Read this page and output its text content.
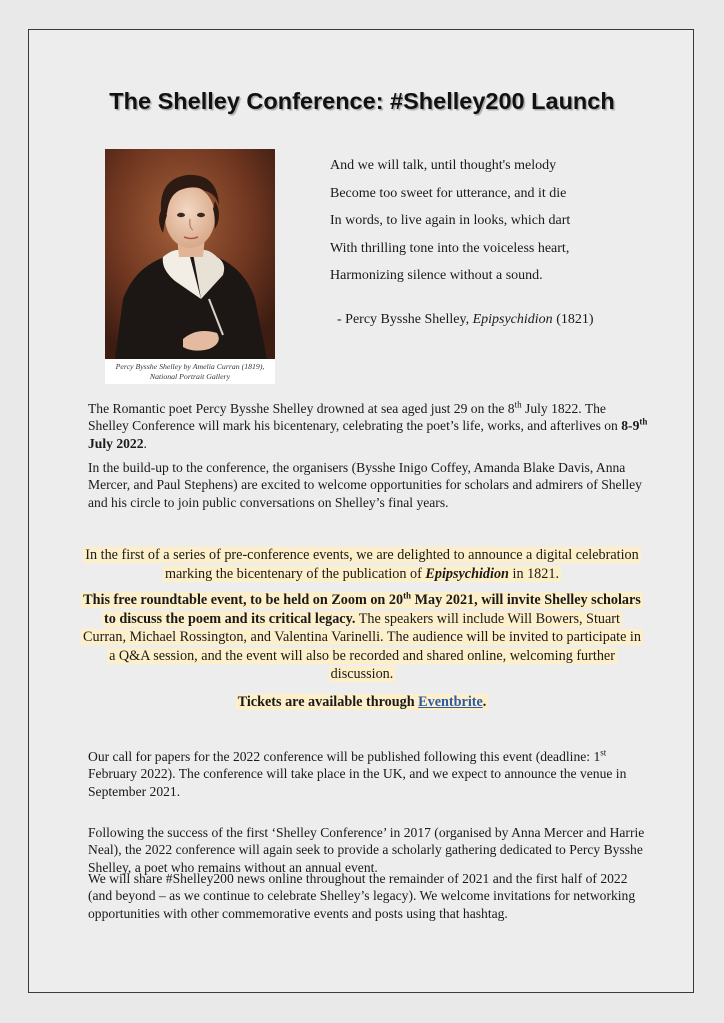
The Shelley Conference: #Shelley200 Launch
Percy Bysshe Shelley by Amelia Curran (1819),
National Portrait Gallery
And we will talk, until thought's melody
Become too sweet for utterance, and it die
In words, to live again in looks, which dart
With thrilling tone into the voiceless heart,
Harmonizing silence without a sound.
- Percy Bysshe Shelley, Epipsychidion (1821)
The Romantic poet Percy Bysshe Shelley drowned at sea aged just 29 on the 8th July 1822. The Shelley Conference will mark his bicentenary, celebrating the poet’s life, works, and afterlives on 8-9th July 2022.
In the build-up to the conference, the organisers (Bysshe Inigo Coffey, Amanda Blake Davis, Anna Mercer, and Paul Stephens) are excited to welcome opportunities for scholars and admirers of Shelley and his circle to join public conversations on Shelley’s final years.
In the first of a series of pre-conference events, we are delighted to announce a digital celebration marking the bicentenary of the publication of Epipsychidion in 1821.
This free roundtable event, to be held on Zoom on 20th May 2021, will invite Shelley scholars to discuss the poem and its critical legacy. The speakers will include Will Bowers, Stuart Curran, Michael Rossington, and Valentina Varinelli. The audience will be invited to participate in a Q&A session, and the event will also be recorded and shared online, welcoming further discussion.
Tickets are available through Eventbrite.
Our call for papers for the 2022 conference will be published following this event (deadline: 1st February 2022). The conference will take place in the UK, and we expect to announce the venue in September 2021.
Following the success of the first ‘Shelley Conference’ in 2017 (organised by Anna Mercer and Harrie Neal), the 2022 conference will again seek to provide a scholarly gathering dedicated to Percy Bysshe Shelley, a poet who remains without an annual event.
We will share #Shelley200 news online throughout the remainder of 2021 and the first half of 2022 (and beyond – as we continue to celebrate Shelley’s legacy). We welcome invitations for networking opportunities with other commemorative events and posts using that hashtag.
